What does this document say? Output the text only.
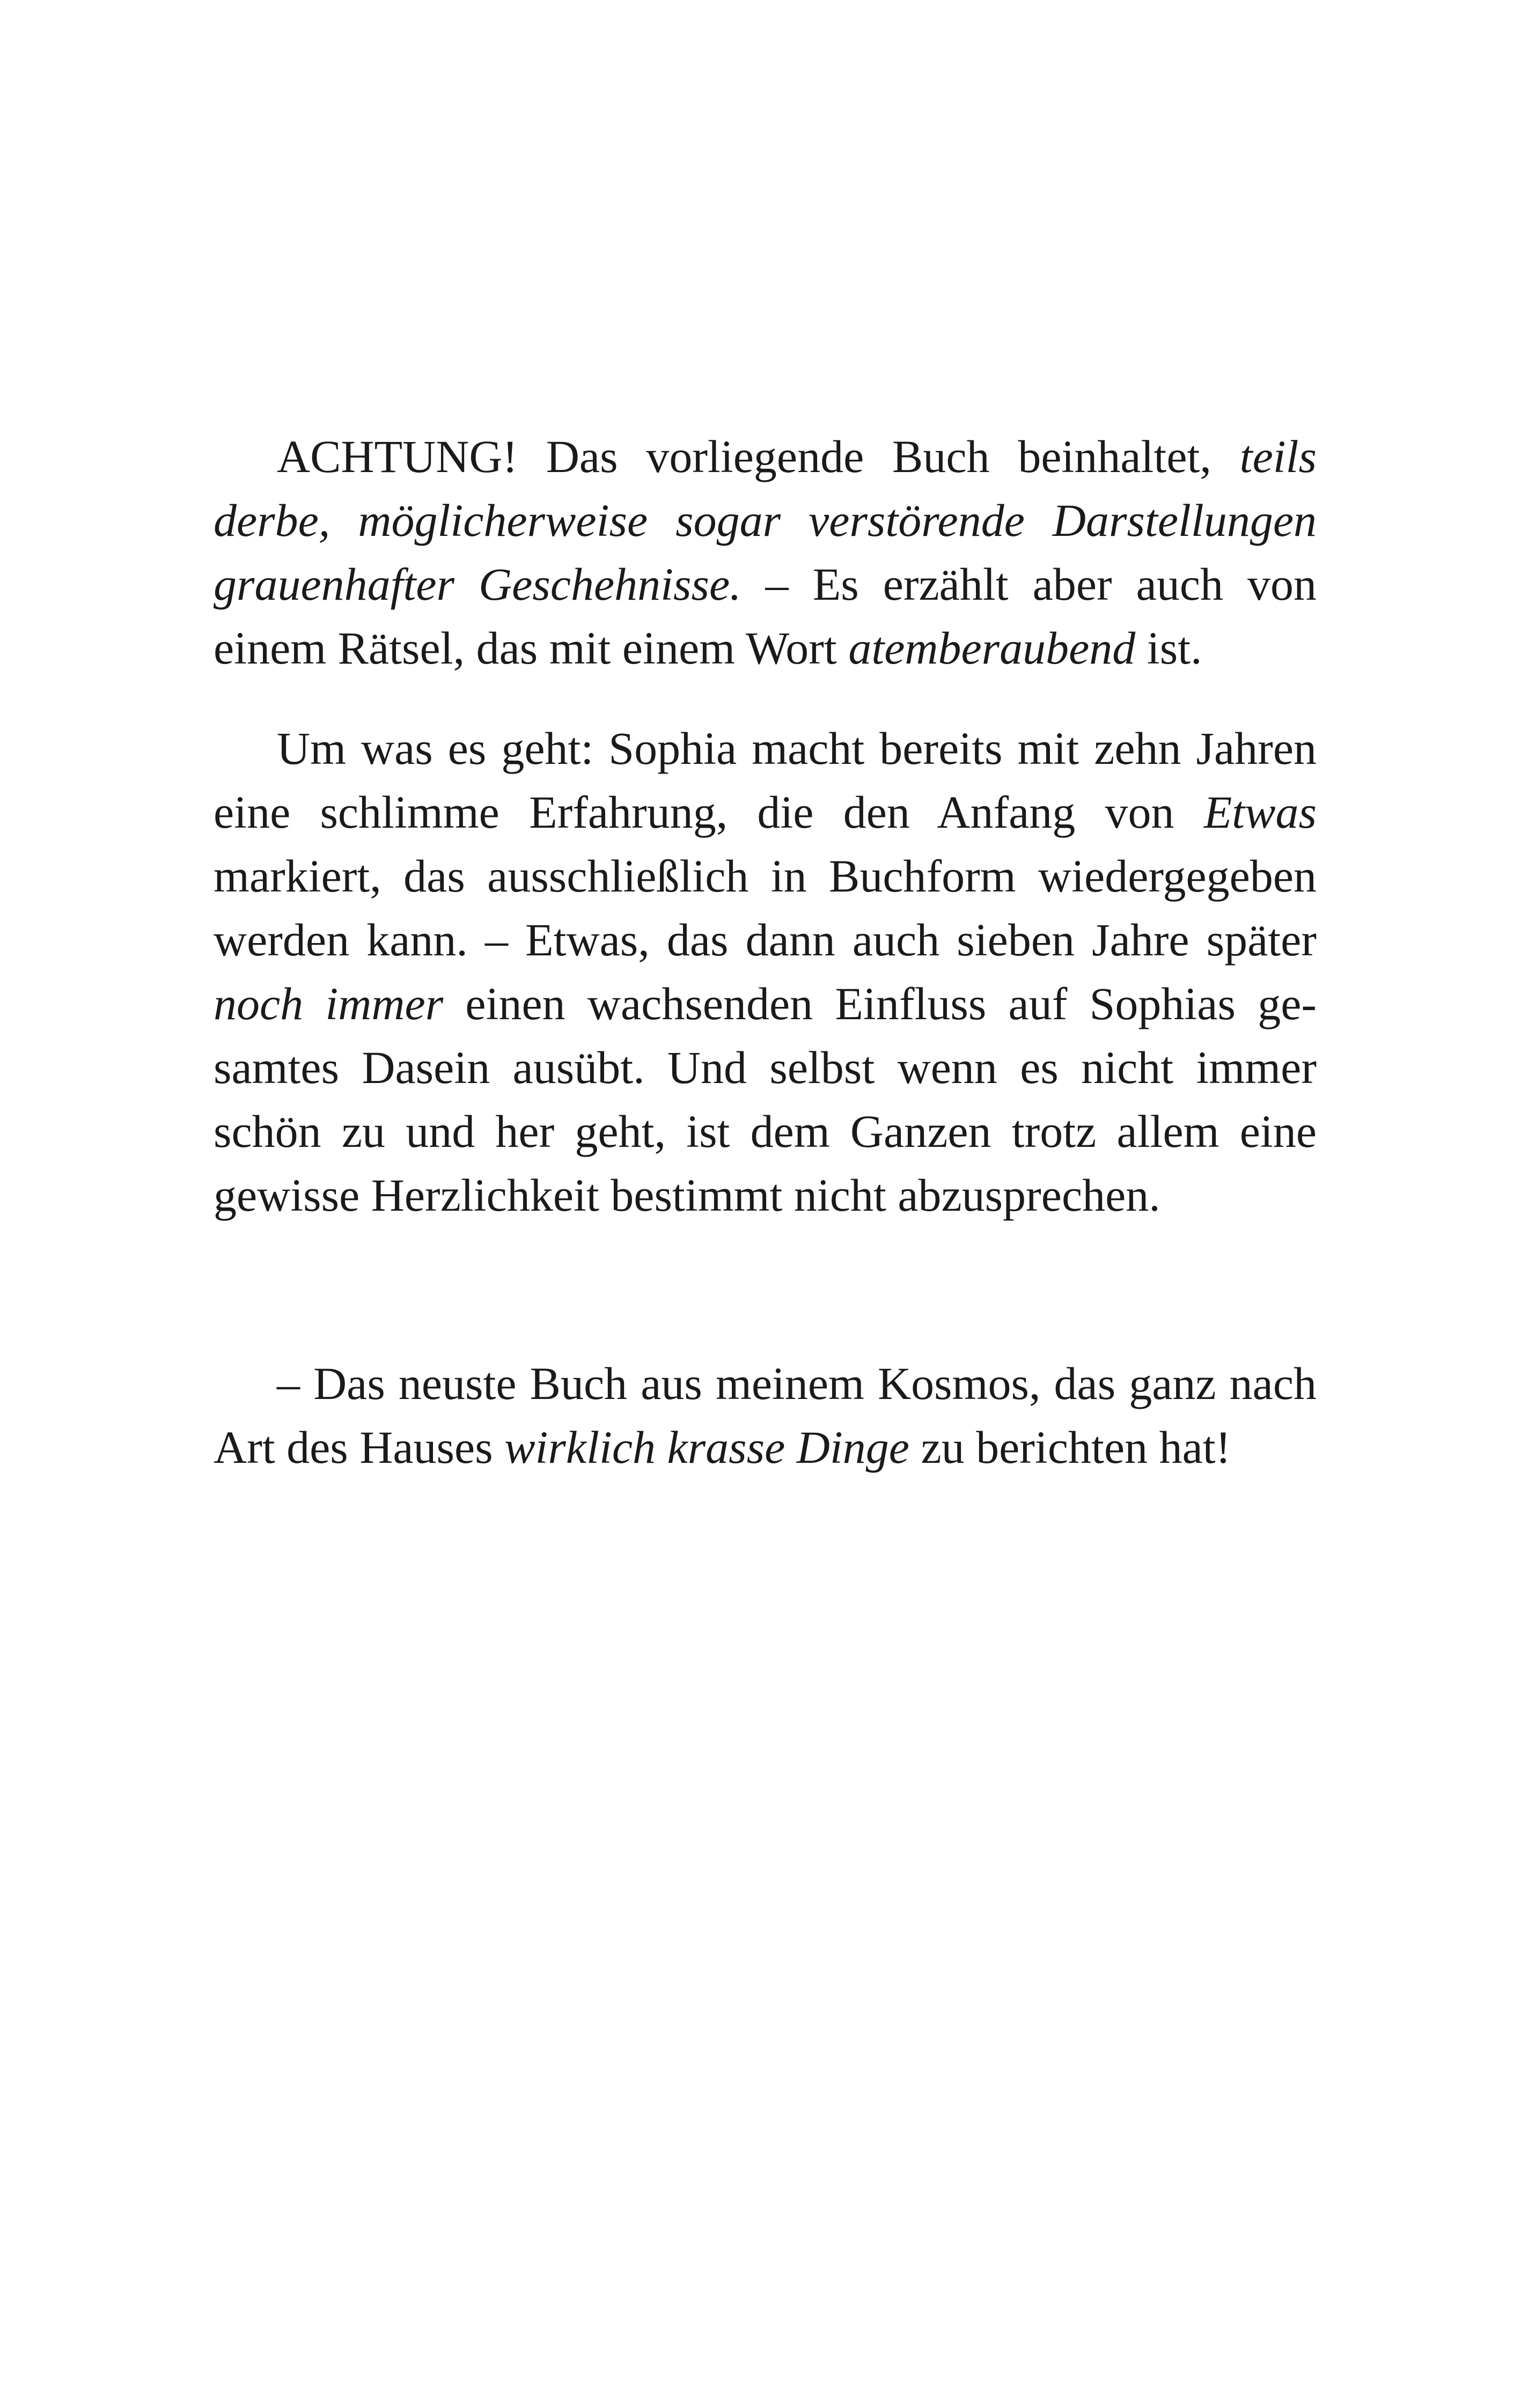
ACHTUNG! Das vorliegende Buch beinhaltet, teils derbe, möglicherweise sogar verstörende Darstellungen grauenhafter Geschehnisse. – Es erzählt aber auch von einem Rätsel, das mit einem Wort atemberaubend ist.

Um was es geht: Sophia macht bereits mit zehn Jahren eine schlimme Erfahrung, die den Anfang von Etwas markiert, das ausschließlich in Buchform wiedergegeben werden kann. – Etwas, das dann auch sieben Jahre später noch immer einen wachsenden Einfluss auf Sophias gesamtes Dasein ausübt. Und selbst wenn es nicht immer schön zu und her geht, ist dem Ganzen trotz allem eine gewisse Herzlichkeit bestimmt nicht abzusprechen.

– Das neuste Buch aus meinem Kosmos, das ganz nach Art des Hauses wirklich krasse Dinge zu berichten hat!
